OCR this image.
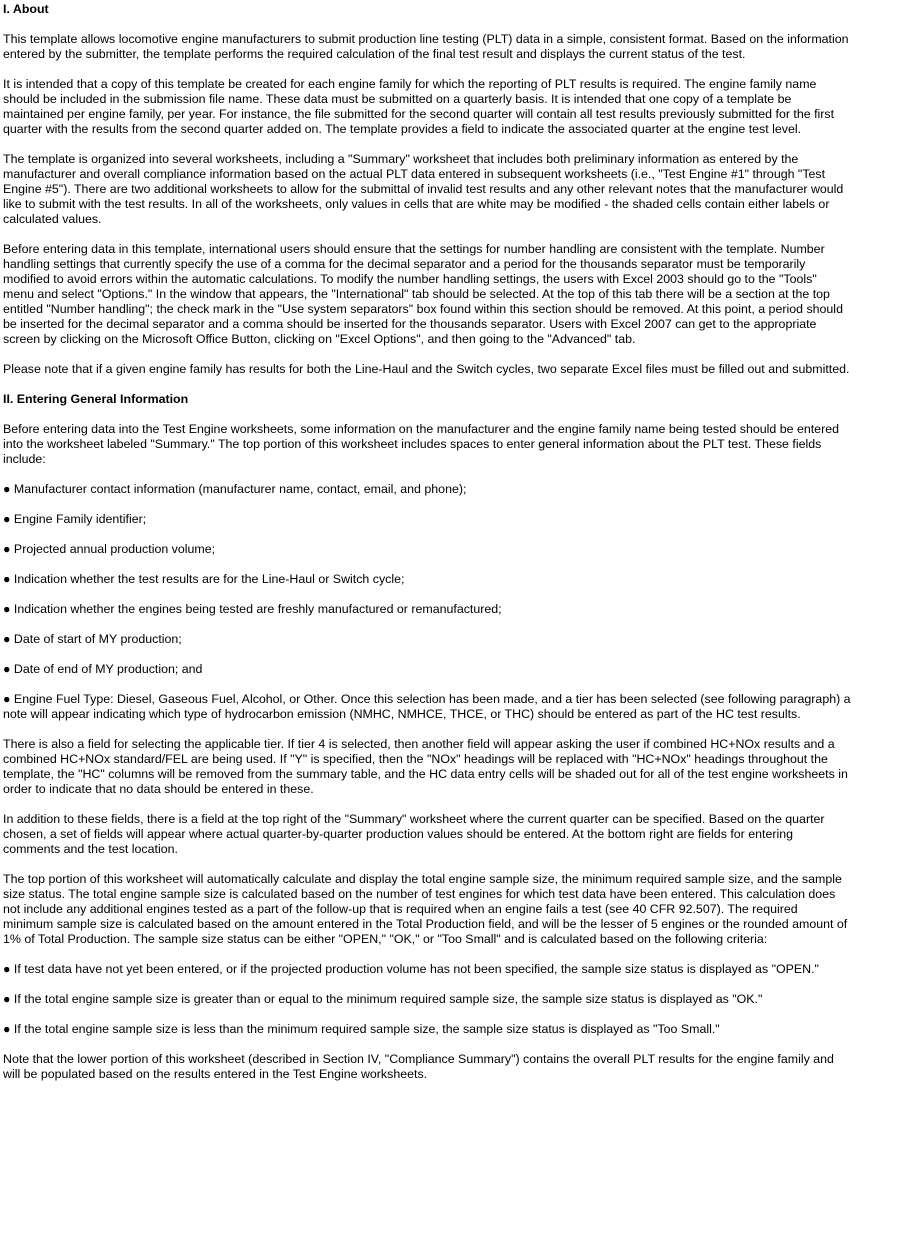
I. About
This template allows locomotive engine manufacturers to submit production line testing (PLT) data in a simple, consistent format. Based on the information
entered by the submitter, the template performs the required calculation of the final test result and displays the current status of the test.
It is intended that a copy of this template be created for each engine family for which the reporting of PLT results is required. The engine family name
should be included in the submission file name. These data must be submitted on a quarterly basis. It is intended that one copy of a template be
maintained per engine family, per year. For instance, the file submitted for the second quarter will contain all test results previously submitted for the first
quarter with the results from the second quarter added on. The template provides a field to indicate the associated quarter at the engine test level.
The template is organized into several worksheets, including a "Summary" worksheet that includes both preliminary information as entered by the
manufacturer and overall compliance information based on the actual PLT data entered in subsequent worksheets (i.e., "Test Engine #1" through "Test
Engine #5"). There are two additional worksheets to allow for the submittal of invalid test results and any other relevant notes that the manufacturer would
like to submit with the test results. In all of the worksheets, only values in cells that are white may be modified - the shaded cells contain either labels or
calculated values.
Before entering data in this template, international users should ensure that the settings for number handling are consistent with the template. Number
handling settings that currently specify the use of a comma for the decimal separator and a period for the thousands separator must be temporarily
modified to avoid errors within the automatic calculations. To modify the number handling settings, the users with Excel 2003 should go to the "Tools"
menu and select "Options." In the window that appears, the "International" tab should be selected. At the top of this tab there will be a section at the top
entitled "Number handling"; the check mark in the "Use system separators" box found within this section should be removed. At this point, a period should
be inserted for the decimal separator and a comma should be inserted for the thousands separator. Users with Excel 2007 can get to the appropriate
screen by clicking on the Microsoft Office Button, clicking on "Excel Options", and then going to the "Advanced" tab.
Please note that if a given engine family has results for both the Line-Haul and the Switch cycles, two separate Excel files must be filled out and submitted.
II. Entering General Information
Before entering data into the Test Engine worksheets, some information on the manufacturer and the engine family name being tested should be entered
into the worksheet labeled "Summary." The top portion of this worksheet includes spaces to enter general information about the PLT test. These fields
include:
● Manufacturer contact information (manufacturer name, contact, email, and phone);
● Engine Family identifier;
● Projected annual production volume;
● Indication whether the test results are for the Line-Haul or Switch cycle;
● Indication whether the engines being tested are freshly manufactured or remanufactured;
● Date of start of MY production;
● Date of end of MY production; and
● Engine Fuel Type: Diesel, Gaseous Fuel, Alcohol, or Other. Once this selection has been made, and a tier has been selected (see following paragraph) a
note will appear indicating which type of hydrocarbon emission (NMHC, NMHCE, THCE, or THC) should be entered as part of the HC test results.
There is also a field for selecting the applicable tier. If tier 4 is selected, then another field will appear asking the user if combined HC+NOx results and a
combined HC+NOx standard/FEL are being used. If "Y" is specified, then the "NOx" headings will be replaced with "HC+NOx" headings throughout the
template, the "HC" columns will be removed from the summary table, and the HC data entry cells will be shaded out for all of the test engine worksheets in
order to indicate that no data should be entered in these.
In addition to these fields, there is a field at the top right of the "Summary" worksheet where the current quarter can be specified. Based on the quarter
chosen, a set of fields will appear where actual quarter-by-quarter production values should be entered. At the bottom right are fields for entering
comments and the test location.
The top portion of this worksheet will automatically calculate and display the total engine sample size, the minimum required sample size, and the sample
size status. The total engine sample size is calculated based on the number of test engines for which test data have been entered. This calculation does
not include any additional engines tested as a part of the follow-up that is required when an engine fails a test (see 40 CFR 92.507). The required
minimum sample size is calculated based on the amount entered in the Total Production field, and will be the lesser of 5 engines or the rounded amount of
1% of Total Production. The sample size status can be either "OPEN," "OK," or "Too Small" and is calculated based on the following criteria:
● If test data have not yet been entered, or if the projected production volume has not been specified, the sample size status is displayed as "OPEN."
● If the total engine sample size is greater than or equal to the minimum required sample size, the sample size status is displayed as "OK."
● If the total engine sample size is less than the minimum required sample size, the sample size status is displayed as "Too Small."
Note that the lower portion of this worksheet (described in Section IV, "Compliance Summary") contains the overall PLT results for the engine family and
will be populated based on the results entered in the Test Engine worksheets.
